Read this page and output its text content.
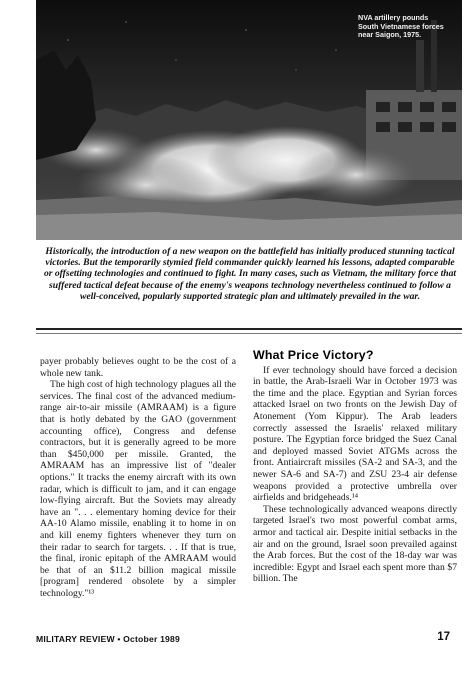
NVA artillery pounds
South Vietnamese forces
near Saigon, 1975.
Historically, the introduction of a new weapon on the battlefield has initially produced stunning tactical victories. But the temporarily stymied field commander quickly learned his lessons, adapted comparable or offsetting technologies and continued to fight. In many cases, such as Vietnam, the military force that suffered tactical defeat because of the enemy's weapons technology nevertheless continued to follow a well-conceived, popularly supported strategic plan and ultimately prevailed in the war.

payer probably believes ought to be the cost of a whole new tank.

The high cost of high technology plagues all the services. The final cost of the advanced medium-range air-to-air missile (AMRAAM) is a figure that is hotly debated by the GAO (government accounting office), Congress and defense contractors, but it is generally agreed to be more than $450,000 per missile. Granted, the AMRAAM has an impressive list of "dealer options." It tracks the enemy aircraft with its own radar, which is difficult to jam, and it can engage low-flying aircraft. But the Soviets may already have an ". . . elementary homing device for their AA-10 Alamo missile, enabling it to home in on and kill enemy fighters whenever they turn on their radar to search for targets. . . If that is true, the final, ironic epitaph of the AMRAAM would be that of an $11.2 billion magical missile [program] rendered obsolete by a simpler technology."¹³

What Price Victory?

If ever technology should have forced a decision in battle, the Arab-Israeli War in October 1973 was the time and the place. Egyptian and Syrian forces attacked Israel on two fronts on the Jewish Day of Atonement (Yom Kippur). The Arab leaders correctly assessed the Israelis' relaxed military posture. The Egyptian force bridged the Suez Canal and deployed massed Soviet ATGMs across the front. Antiaircraft missiles (SA-2 and SA-3, and the newer SA-6 and SA-7) and ZSU 23-4 air defense weapons provided a protective umbrella over airfields and bridgeheads.¹⁴

These technologically advanced weapons directly targeted Israel's two most powerful combat arms, armor and tactical air. Despite initial setbacks in the air and on the ground, Israel soon prevailed against the Arab forces. But the cost of the 18-day war was incredible: Egypt and Israel each spent more than $7 billion. The

MILITARY REVIEW • October 1989	17
